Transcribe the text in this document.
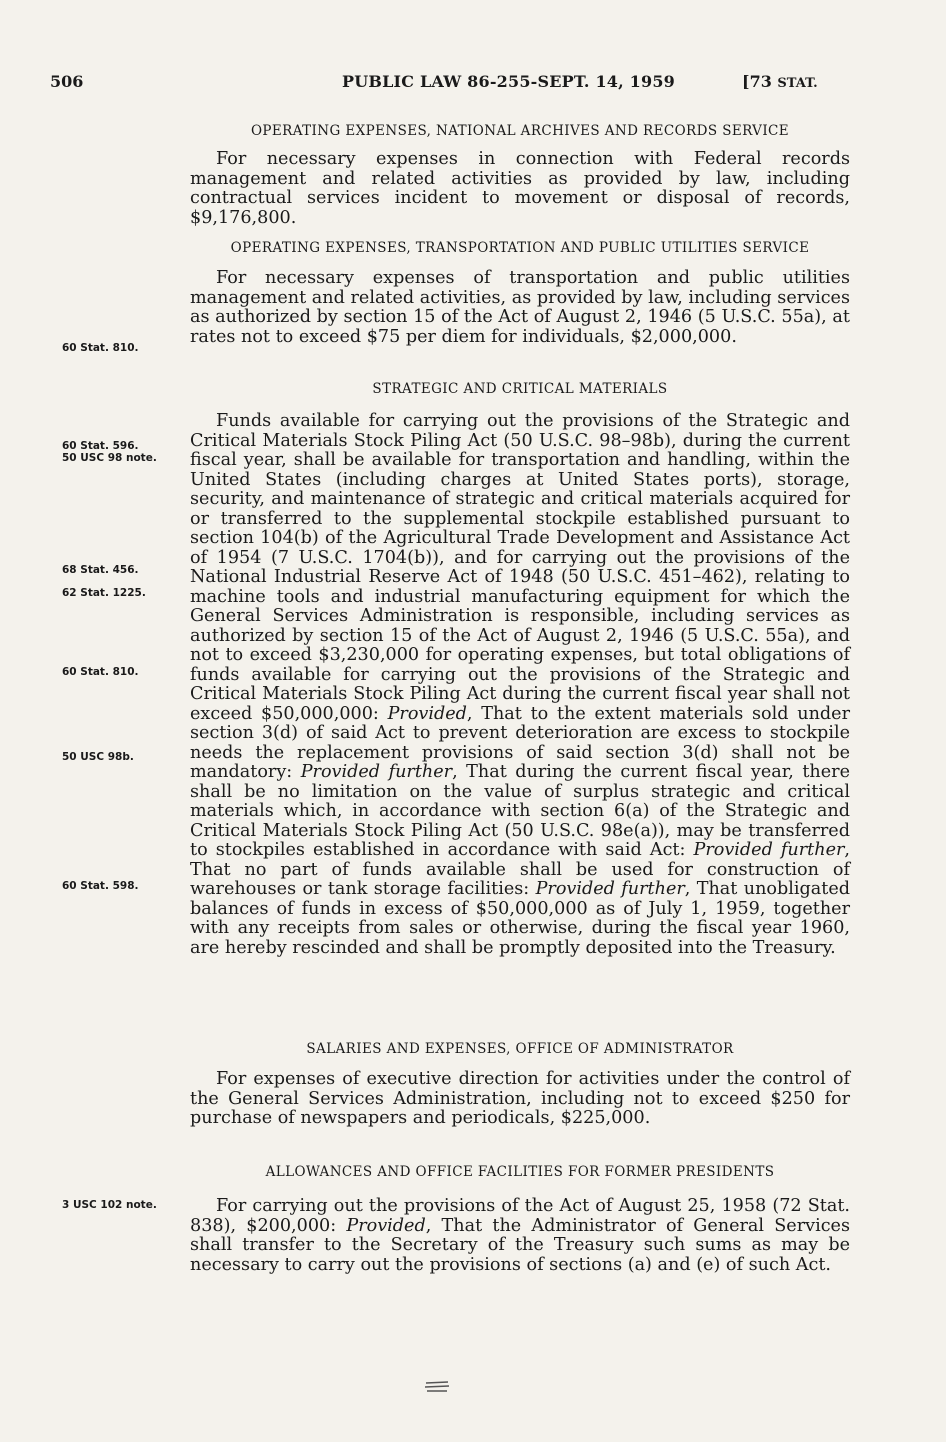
506	PUBLIC LAW 86-255-SEPT. 14, 1959	[73 STAT.
OPERATING EXPENSES, NATIONAL ARCHIVES AND RECORDS SERVICE

For necessary expenses in connection with Federal records management and related activities as provided by law, including contractual services incident to movement or disposal of records, $9,176,800.

OPERATING EXPENSES, TRANSPORTATION AND PUBLIC UTILITIES SERVICE

For necessary expenses of transportation and public utilities management and related activities, as provided by law, including services as authorized by section 15 of the Act of August 2, 1946 (5 U.S.C. 55a), at rates not to exceed $75 per diem for individuals, $2,000,000.

STRATEGIC AND CRITICAL MATERIALS

Funds available for carrying out the provisions of the Strategic and Critical Materials Stock Piling Act (50 U.S.C. 98–98b), during the current fiscal year, shall be available for transportation and handling, within the United States (including charges at United States ports), storage, security, and maintenance of strategic and critical materials acquired for or transferred to the supplemental stockpile established pursuant to section 104(b) of the Agricultural Trade Development and Assistance Act of 1954 (7 U.S.C. 1704(b)), and for carrying out the provisions of the National Industrial Reserve Act of 1948 (50 U.S.C. 451–462), relating to machine tools and industrial manufacturing equipment for which the General Services Administration is responsible, including services as authorized by section 15 of the Act of August 2, 1946 (5 U.S.C. 55a), and not to exceed $3,230,000 for operating expenses, but total obligations of funds available for carrying out the provisions of the Strategic and Critical Materials Stock Piling Act during the current fiscal year shall not exceed $50,000,000: Provided, That to the extent materials sold under section 3(d) of said Act to prevent deterioration are excess to stockpile needs the replacement provisions of said section 3(d) shall not be mandatory: Provided further, That during the current fiscal year, there shall be no limitation on the value of surplus strategic and critical materials which, in accordance with section 6(a) of the Strategic and Critical Materials Stock Piling Act (50 U.S.C. 98e(a)), may be transferred to stockpiles established in accordance with said Act: Provided further, That no part of funds available shall be used for construction of warehouses or tank storage facilities: Provided further, That unobligated balances of funds in excess of $50,000,000 as of July 1, 1959, together with any receipts from sales or otherwise, during the fiscal year 1960, are hereby rescinded and shall be promptly deposited into the Treasury.

SALARIES AND EXPENSES, OFFICE OF ADMINISTRATOR

For expenses of executive direction for activities under the control of the General Services Administration, including not to exceed $250 for purchase of newspapers and periodicals, $225,000.

ALLOWANCES AND OFFICE FACILITIES FOR FORMER PRESIDENTS

For carrying out the provisions of the Act of August 25, 1958 (72 Stat. 838), $200,000: Provided, That the Administrator of General Services shall transfer to the Secretary of the Treasury such sums as may be necessary to carry out the provisions of sections (a) and (e) of such Act.

60 Stat. 810.
60 Stat. 596.
50 USC 98 note.
68 Stat. 456.
62 Stat. 1225.
60 Stat. 810.
50 USC 98b.
60 Stat. 598.
3 USC 102 note.
